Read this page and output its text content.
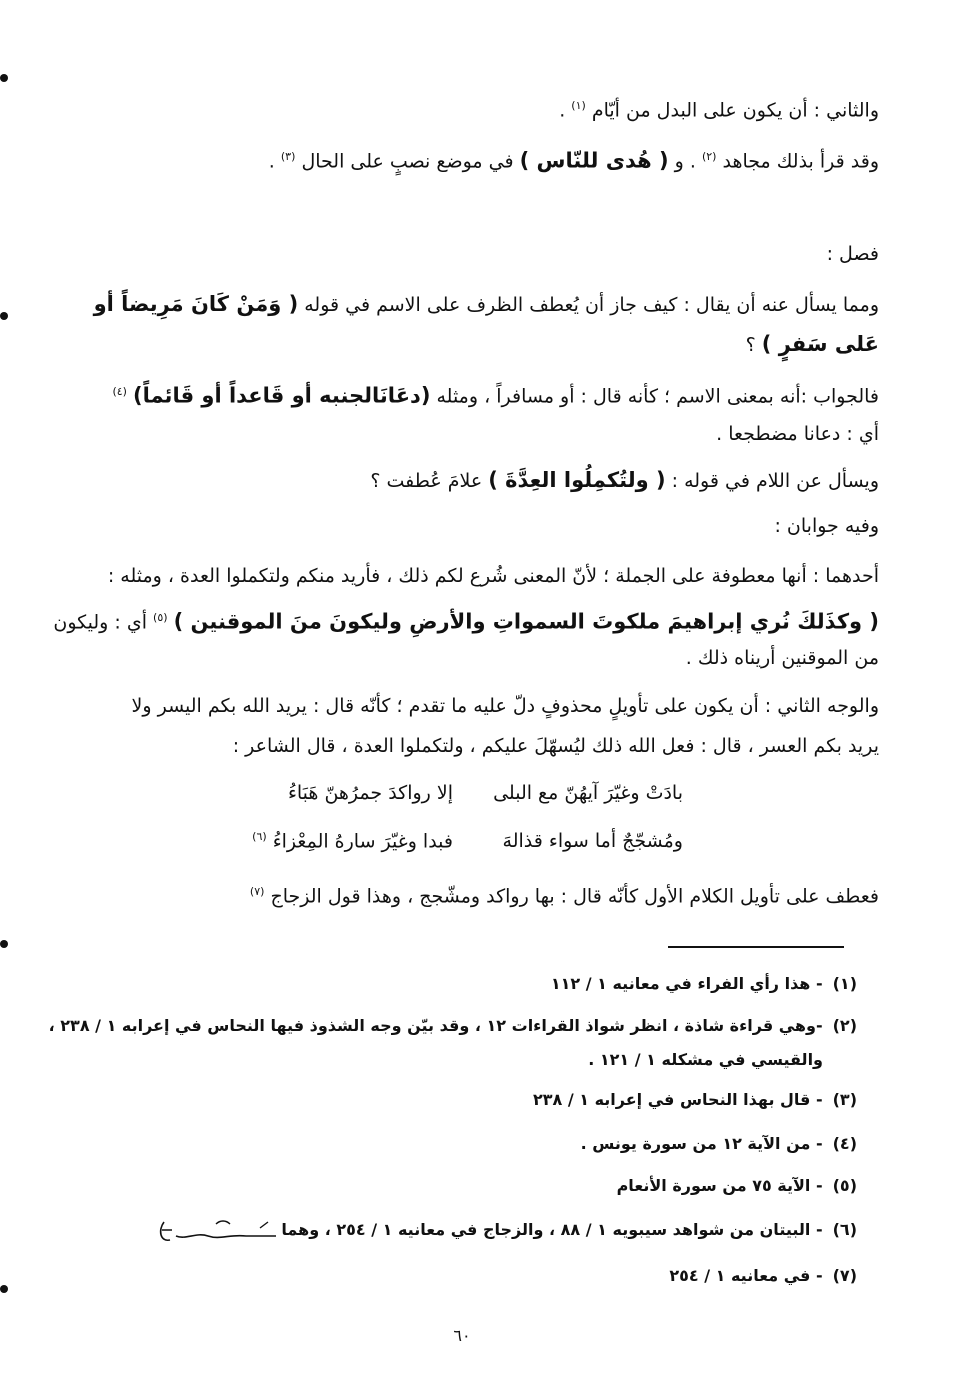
والثاني : أن يكون على البدل من أيّام $^{(١)}$ .
وقد قرأ بذلك مجاهد $^{(٢)}$ . و ( هُدى للنّاس ) في موضع نصبٍ على الحال $^{(٣)}$ .
فصل :
ومما يسأل عنه أن يقال : كيف جاز أن يُعطف الظرف على الاسم في قوله ( وَمَنْ كَانَ مَرِيضاً أو
عَلى سَفرٍ ) ؟
فالجواب :أنه بمعنى الاسم ؛ كأنه قال : أو مسافراً ، ومثله (دعَانَالجنبه أو قَاعداً أو قَائماً) $^{(٤)}$
أي : دعانا مضطجعا .
ويسأل عن اللام في قوله : ( ولتُكمِلُوا العِدَّةَ ) علامَ عُطفت ؟
وفيه جوابان :
أحدهما : أنها معطوفة على الجملة ؛ لأنّ المعنى شُرع لكم ذلك ، فأريد منكم ولتكملوا العدة ، ومثله :
( وكذَلكَ نُري إبراهيمَ ملكوتَ السمواتِ والأرضِ وليكونَ منَ الموقنين ) $^{(٥)}$ أي : وليكون
من الموقنين أريناه ذلك .
والوجه الثاني : أن يكون على تأويلٍ محذوفٍ دلّ عليه ما تقدم ؛ كأنّه قال : يريد الله بكم اليسر ولا
يريد بكم العسر ، قال : فعل الله ذلك ليُسهّلَ عليكم ، ولتكملوا العدة ، قال الشاعر :
بادَتْ وغيّرَ آيهُنّ مع البلى
إلا رواكدَ جمرُهنّ هَبَاءُ
ومُشجّجٌ أما سواء قذالهَ
فبدا وغيّرَ سارهُ المِعْزاءُ $^{(٦)}$
فعطف على تأويل الكلام الأول كأنّه قال : بها رواكد ومشّجج ، وهذا قول الزجاج $^{(٧)}$
(١)- هذا رأي الفراء في معانيه ١ / ١١٢
(٢)-وهي قراءة شاذة ، انظر شواذ القراءات ١٢ ، وقد بيّن وجه الشذوذ فيها النحاس في إعرابه ١ / ٢٣٨ ،
والقيسي في مشكله ١ / ١٢١ .
(٣)- قال بهذا النحاس في إعرابه ١ / ٢٣٨
(٤)- من الآية ١٢ من سورة يونس .
(٥)- الآية ٧٥ من سورة الأنعام
(٦)- البيتان من شواهد سيبويه ١ / ٨٨ ، والزجاج في معانيه ١ / ٢٥٤ ، وهما
(٧)- في معانيه ١ / ٢٥٤
٦٠
